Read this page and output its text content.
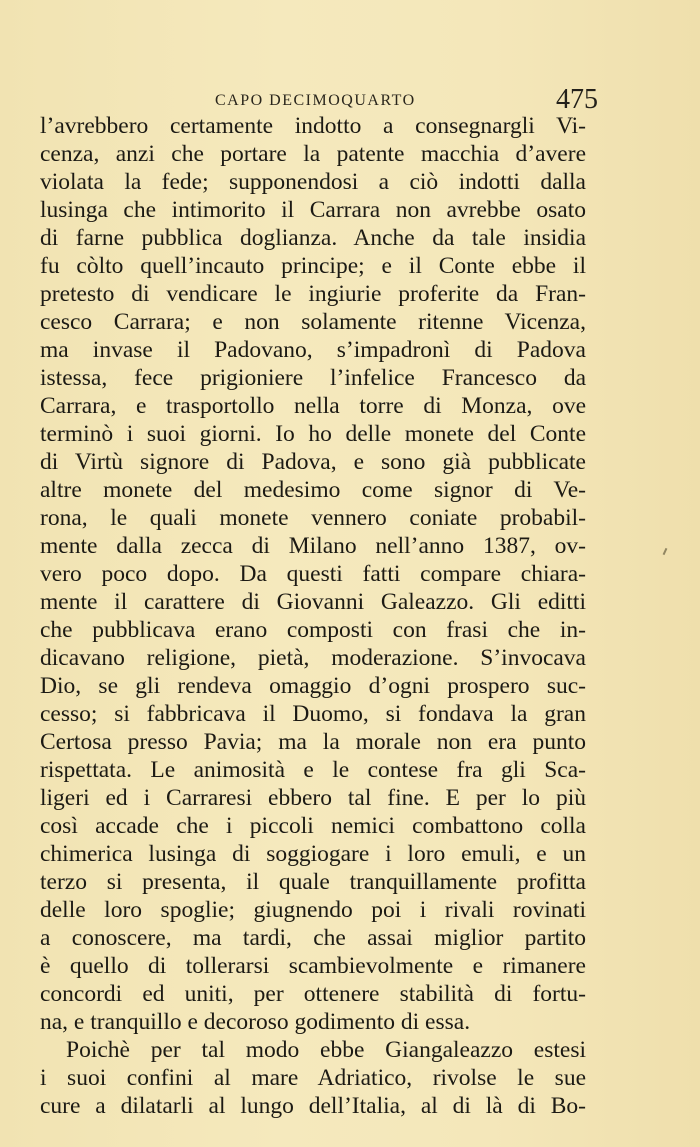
CAPO DECIMOQUARTO	475
l’avrebbero certamente indotto a consegnargli Vi-
cenza, anzi che portare la patente macchia d’avere
violata la fede; supponendosi a ciò indotti dalla
lusinga che intimorito il Carrara non avrebbe osato
di farne pubblica doglianza. Anche da tale insidia
fu còlto quell’incauto principe; e il Conte ebbe il
pretesto di vendicare le ingiurie proferite da Fran-
cesco Carrara; e non solamente ritenne Vicenza,
ma invase il Padovano, s’impadronì di Padova
istessa, fece prigioniere l’infelice Francesco da
Carrara, e trasportollo nella torre di Monza, ove
terminò i suoi giorni. Io ho delle monete del Conte
di Virtù signore di Padova, e sono già pubblicate
altre monete del medesimo come signor di Ve-
rona, le quali monete vennero coniate probabil-
mente dalla zecca di Milano nell’anno 1387, ov-
vero poco dopo. Da questi fatti compare chiara-
mente il carattere di Giovanni Galeazzo. Gli editti
che pubblicava erano composti con frasi che in-
dicavano religione, pietà, moderazione. S’invocava
Dio, se gli rendeva omaggio d’ogni prospero suc-
cesso; si fabbricava il Duomo, si fondava la gran
Certosa presso Pavia; ma la morale non era punto
rispettata. Le animosità e le contese fra gli Sca-
ligeri ed i Carraresi ebbero tal fine. E per lo più
così accade che i piccoli nemici combattono colla
chimerica lusinga di soggiogare i loro emuli, e un
terzo si presenta, il quale tranquillamente profitta
delle loro spoglie; giugnendo poi i rivali rovinati
a conoscere, ma tardi, che assai miglior partito
è quello di tollerarsi scambievolmente e rimanere
concordi ed uniti, per ottenere stabilità di fortu-
na, e tranquillo e decoroso godimento di essa.
Poichè per tal modo ebbe Giangaleazzo estesi
i suoi confini al mare Adriatico, rivolse le sue
cure a dilatarli al lungo dell’Italia, al di là di Bo-
